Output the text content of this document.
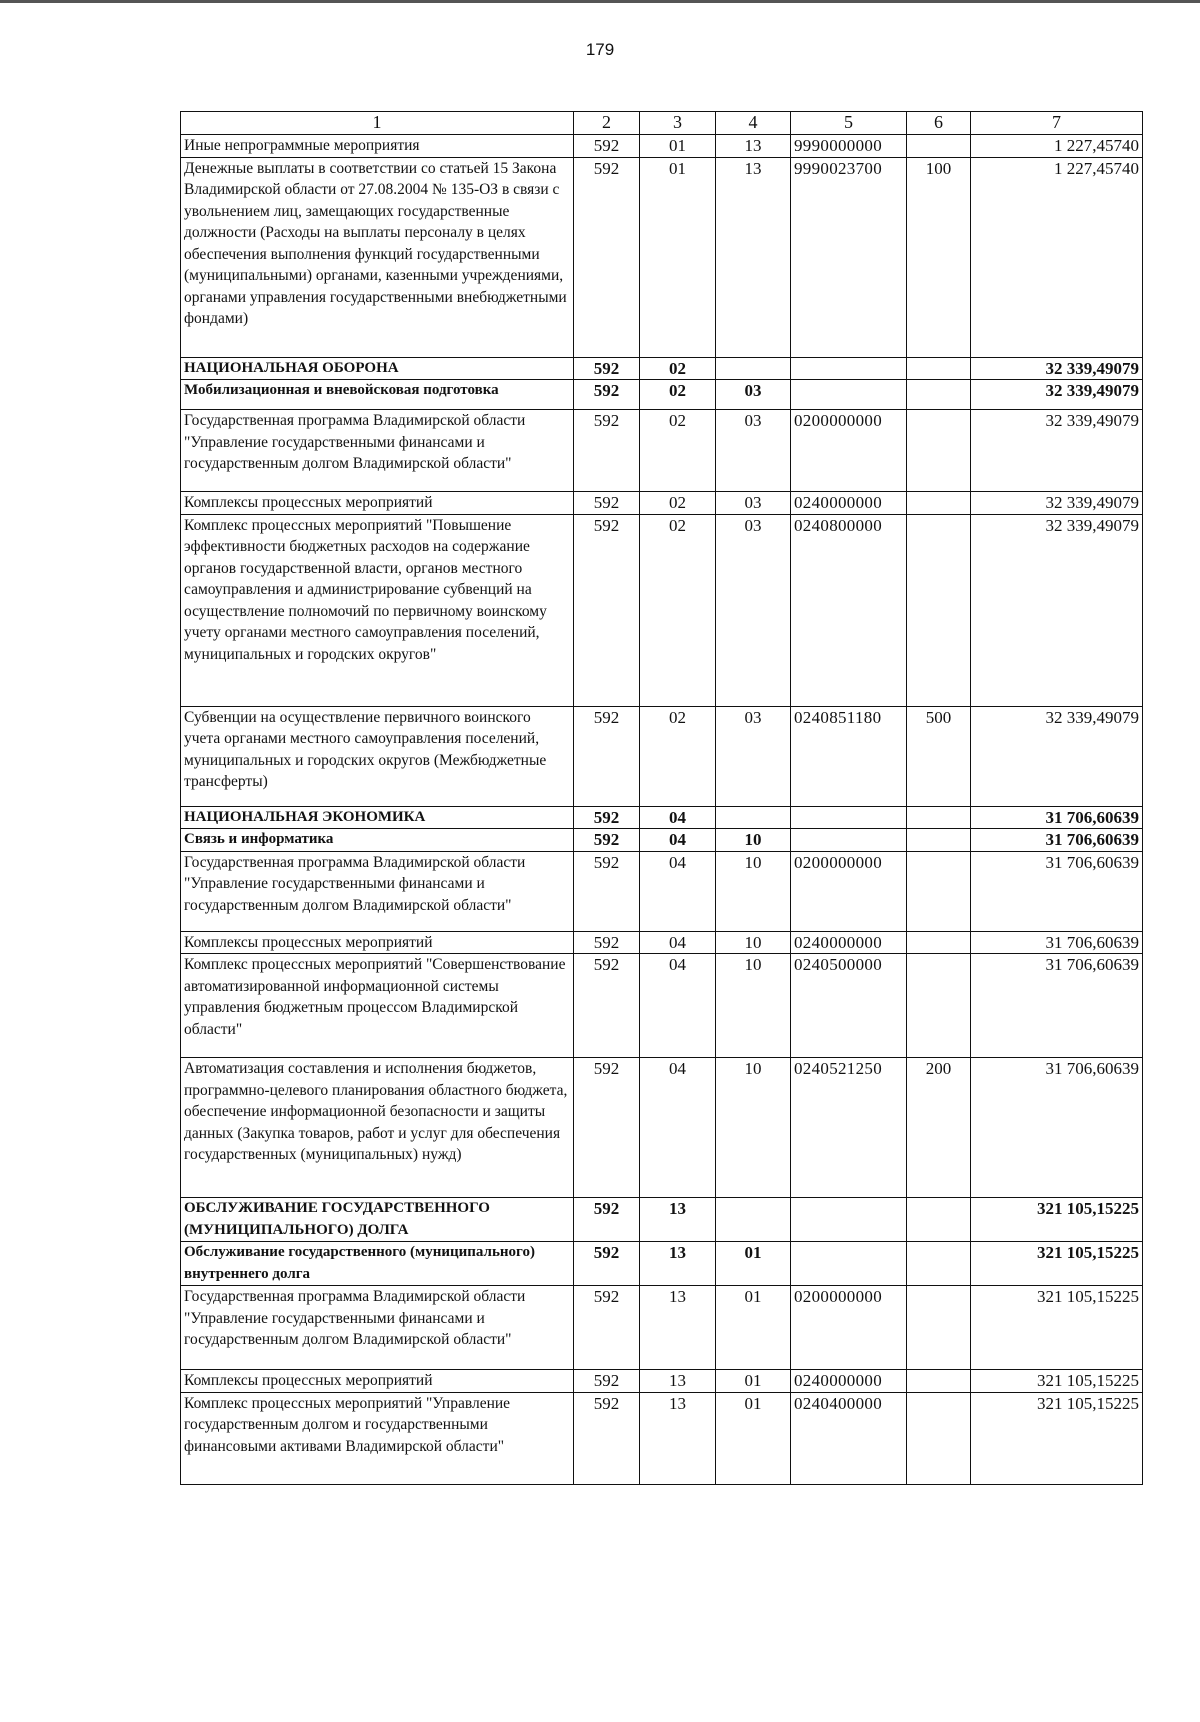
179
1	2	3	4	5	6	7
Иные непрограммные мероприятия	592	01	13	9990000000		1 227,45740
Денежные выплаты в соответствии со статьей 15 Закона Владимирской области от 27.08.2004 № 135-ОЗ в связи с увольнением лиц, замещающих государственные должности (Расходы на выплаты персоналу в целях обеспечения выполнения функций государственными (муниципальными) органами, казенными учреждениями, органами управления государственными внебюджетными фондами)	592	01	13	9990023700	100	1 227,45740
НАЦИОНАЛЬНАЯ ОБОРОНА	592	02				32 339,49079
Мобилизационная и вневойсковая подготовка	592	02	03			32 339,49079
Государственная программа Владимирской области "Управление государственными финансами и государственным долгом Владимирской области"	592	02	03	0200000000		32 339,49079
Комплексы процессных мероприятий	592	02	03	0240000000		32 339,49079
Комплекс процессных мероприятий "Повышение эффективности бюджетных расходов на содержание органов государственной власти, органов местного самоуправления и администрирование субвенций на осуществление полномочий по первичному воинскому учету органами местного самоуправления поселений, муниципальных и городских округов"	592	02	03	0240800000		32 339,49079
Субвенции на осуществление первичного воинского учета органами местного самоуправления поселений, муниципальных и городских округов (Межбюджетные трансферты)	592	02	03	0240851180	500	32 339,49079
НАЦИОНАЛЬНАЯ ЭКОНОМИКА	592	04				31 706,60639
Связь и информатика	592	04	10			31 706,60639
Государственная программа Владимирской области "Управление государственными финансами и государственным долгом Владимирской области"	592	04	10	0200000000		31 706,60639
Комплексы процессных мероприятий	592	04	10	0240000000		31 706,60639
Комплекс процессных мероприятий "Совершенствование автоматизированной информационной системы управления бюджетным процессом Владимирской области"	592	04	10	0240500000		31 706,60639
Автоматизация составления и исполнения бюджетов, программно-целевого планирования областного бюджета, обеспечение информационной безопасности и защиты данных (Закупка товаров, работ и услуг для обеспечения государственных (муниципальных) нужд)	592	04	10	0240521250	200	31 706,60639
ОБСЛУЖИВАНИЕ ГОСУДАРСТВЕННОГО (МУНИЦИПАЛЬНОГО) ДОЛГА	592	13				321 105,15225
Обслуживание государственного (муниципального) внутреннего долга	592	13	01			321 105,15225
Государственная программа Владимирской области "Управление государственными финансами и государственным долгом Владимирской области"	592	13	01	0200000000		321 105,15225
Комплексы процессных мероприятий	592	13	01	0240000000		321 105,15225
Комплекс процессных мероприятий "Управление государственным долгом и государственными финансовыми активами Владимирской области"	592	13	01	0240400000		321 105,15225
